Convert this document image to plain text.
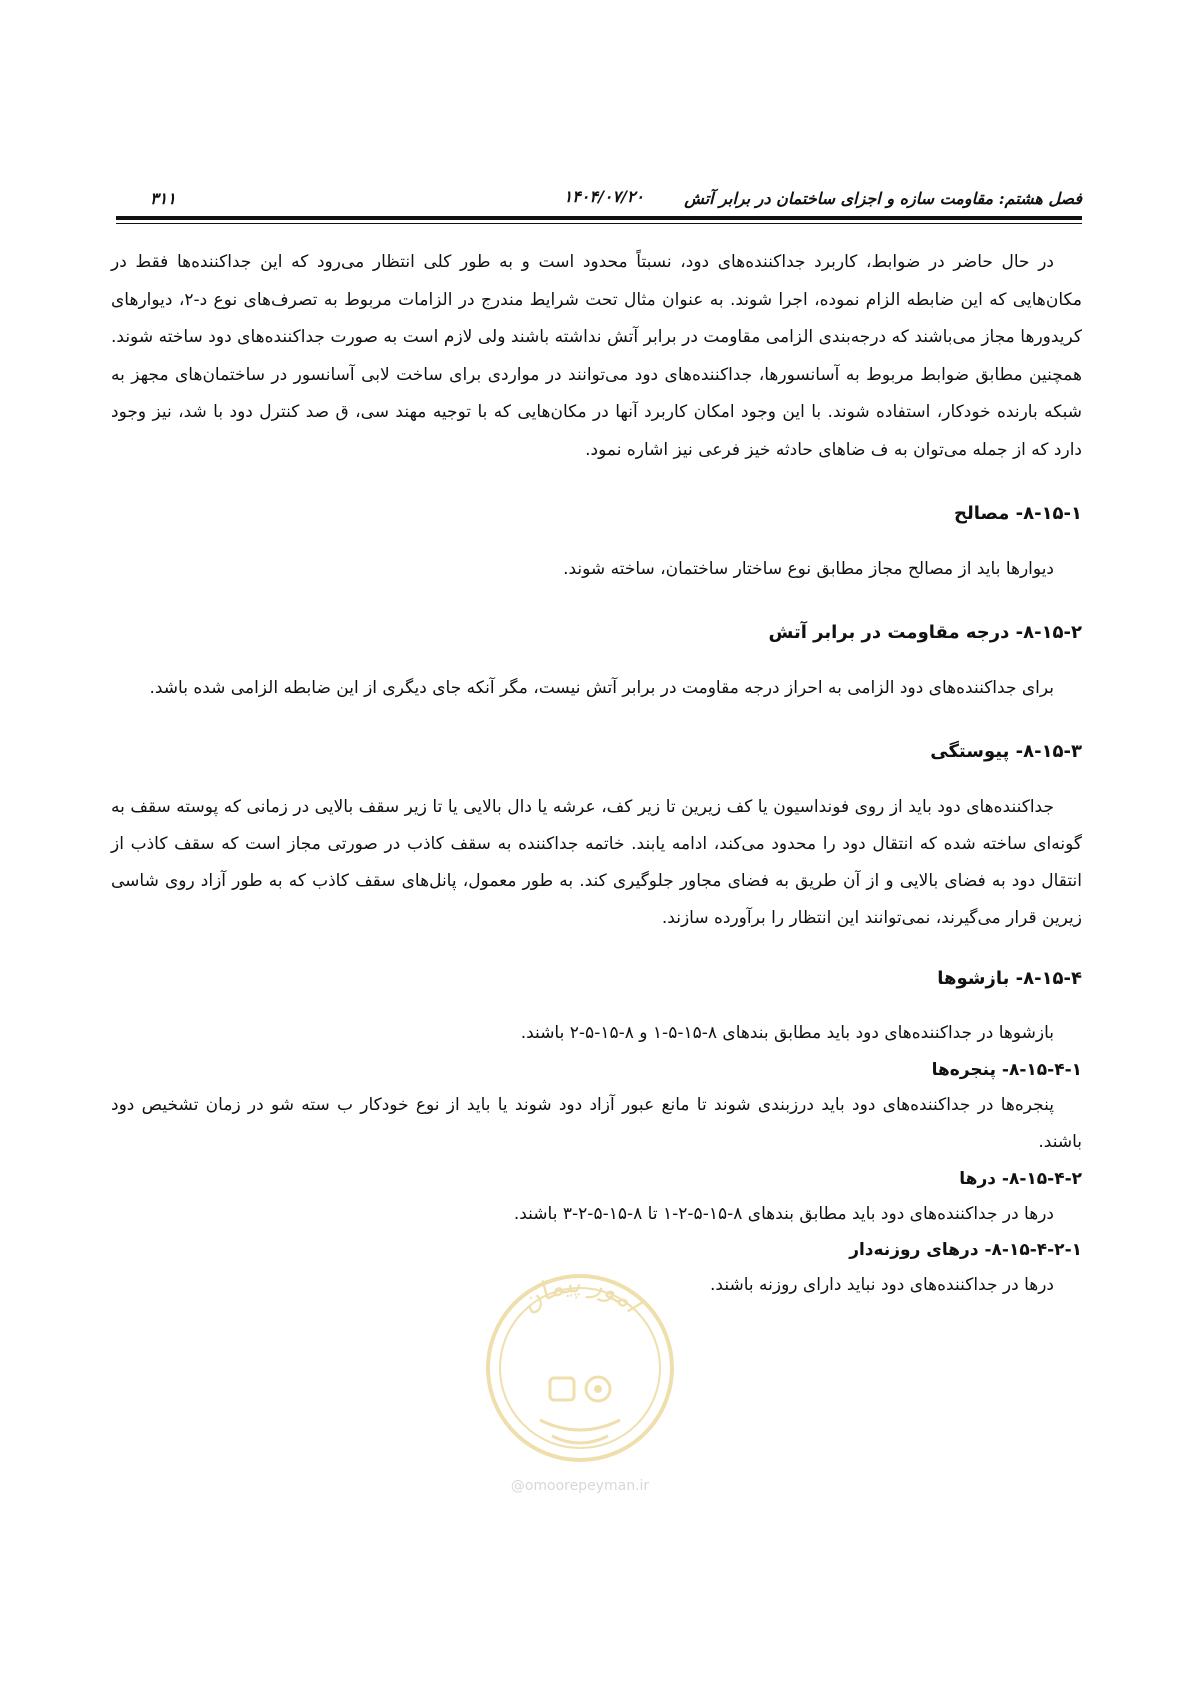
فصل هشتم: مقاومت سازه و اجزای ساختمان در برابر آتش
۱۴۰۴/۰۷/۲۰
۳۱۱

در حال حاضر در ضوابط، کاربرد جداکننده‌های دود، نسبتاً محدود است و به طور کلی انتظار می‌رود که این جداکننده‌ها فقط در مکان‌هایی که این ضابطه الزام نموده، اجرا شوند. به عنوان مثال تحت شرایط مندرج در الزامات مربوط به تصرف‌های نوع د-۲، دیوارهای کریدورها مجاز می‌باشند که درجه‌بندی الزامی مقاومت در برابر آتش نداشته باشند ولی لازم است به صورت جداکننده‌های دود ساخته شوند. همچنین مطابق ضوابط مربوط به آسانسورها، جداکننده‌های دود می‌توانند در مواردی برای ساخت لابی آسانسور در ساختمان‌های مجهز به شبکه بارنده خودکار، استفاده شوند. با این وجود امکان کاربرد آنها در مکان‌هایی که با توجیه مهند سی، ق صد کنترل دود با شد، نیز وجود دارد که از جمله می‌توان به ف ضاهای حادثه خیز فرعی نیز اشاره نمود.

۸-۱۵-۱- مصالح

دیوارها باید از مصالح مجاز مطابق نوع ساختار ساختمان، ساخته شوند.

۸-۱۵-۲- درجه مقاومت در برابر آتش

برای جداکننده‌های دود الزامی به احراز درجه مقاومت در برابر آتش نیست، مگر آنکه جای دیگری از این ضابطه الزامی شده باشد.

۸-۱۵-۳- پیوستگی

جداکننده‌های دود باید از روی فونداسیون یا کف زیرین تا زیر کف، عرشه یا دال بالایی یا تا زیر سقف بالایی در زمانی که پوسته سقف به گونه‌ای ساخته شده که انتقال دود را محدود می‌کند، ادامه یابند. خاتمه جداکننده به سقف کاذب در صورتی مجاز است که سقف کاذب از انتقال دود به فضای بالایی و از آن طریق به فضای مجاور جلوگیری کند. به طور معمول، پانل‌های سقف کاذب که به طور آزاد روی شاسی زیرین قرار می‌گیرند، نمی‌توانند این انتظار را برآورده سازند.

۸-۱۵-۴- بازشوها

بازشوها در جداکننده‌های دود باید مطابق بندهای ۸-۱۵-۵-۱ و ۸-۱۵-۵-۲ باشند.

۸-۱۵-۴-۱- پنجره‌ها

پنجره‌ها در جداکننده‌های دود باید درزبندی شوند تا مانع عبور آزاد دود شوند یا باید از نوع خودکار ب سته شو در زمان تشخیص دود باشند.

۸-۱۵-۴-۲- درها

درها در جداکننده‌های دود باید مطابق بندهای ۸-۱۵-۵-۲-۱ تا ۸-۱۵-۵-۲-۳ باشند.

۸-۱۵-۴-۲-۱- درهای روزنه‌دار

درها در جداکننده‌های دود نباید دارای روزنه باشند.

امور پیمان
@omoorepeyman.ir
